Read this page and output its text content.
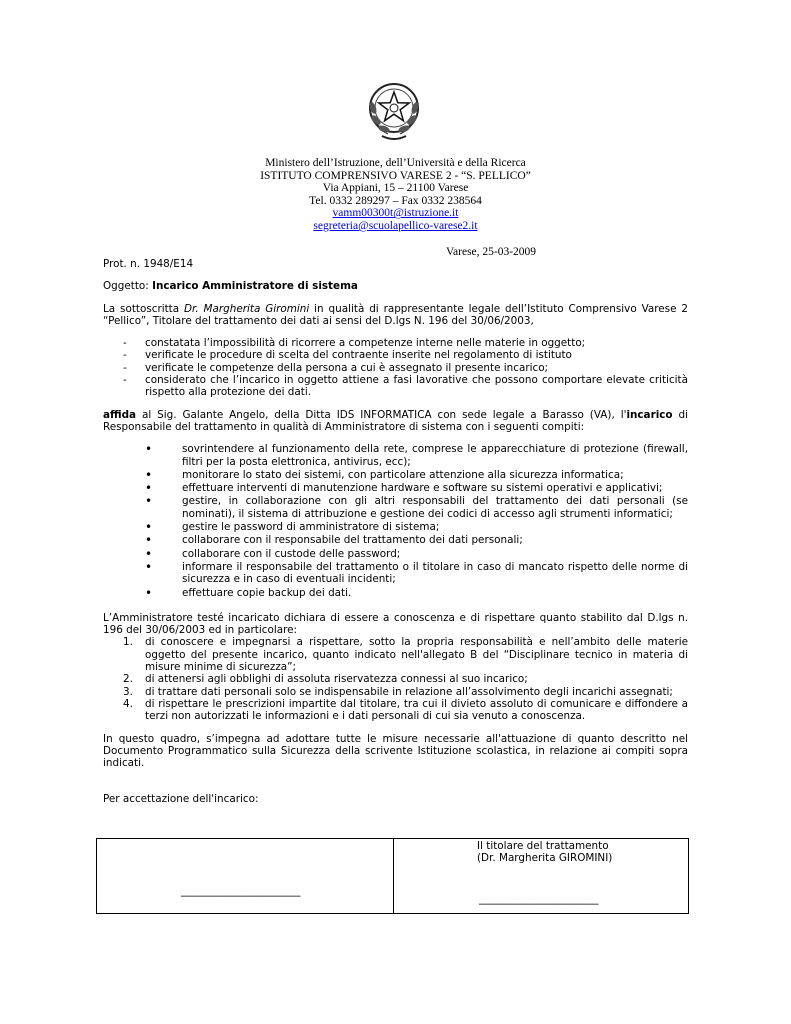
Ministero dell’Istruzione, dell’Università e della Ricerca
ISTITUTO COMPRENSIVO VARESE 2 - “S. PELLICO”
Via Appiani, 15 – 21100 Varese
Tel. 0332 289297 – Fax 0332 238564
vamm00300t@istruzione.it
segreteria@scuolapellico-varese2.it
Varese, 25-03-2009

Prot. n. 1948/E14

Oggetto: Incarico Amministratore di sistema

La sottoscritta Dr. Margherita Giromini in qualità di rappresentante legale dell’Istituto Comprensivo Varese 2 “Pellico”, Titolare del trattamento dei dati ai sensi del D.lgs N. 196 del 30/06/2003,

- constatata l’impossibilità di ricorrere a competenze interne nelle materie in oggetto;
- verificate le procedure di scelta del contraente inserite nel regolamento di istituto
- verificate le competenze della persona a cui è assegnato il presente incarico;
- considerato che l’incarico in oggetto attiene a fasi lavorative che possono comportare elevate criticità rispetto alla protezione dei dati.

affida al Sig. Galante Angelo, della Ditta IDS INFORMATICA con sede legale a Barasso (VA), l'incarico di Responsabile del trattamento in qualità di Amministratore di sistema con i seguenti compiti:

• sovrintendere al funzionamento della rete, comprese le apparecchiature di protezione (firewall, filtri per la posta elettronica, antivirus, ecc);
• monitorare lo stato dei sistemi, con particolare attenzione alla sicurezza informatica;
• effettuare interventi di manutenzione hardware e software su sistemi operativi e applicativi;
• gestire, in collaborazione con gli altri responsabili del trattamento dei dati personali (se nominati), il sistema di attribuzione e gestione dei codici di accesso agli strumenti informatici;
• gestire le password di amministratore di sistema;
• collaborare con il responsabile del trattamento dei dati personali;
• collaborare con il custode delle password;
• informare il responsabile del trattamento o il titolare in caso di mancato rispetto delle norme di sicurezza e in caso di eventuali incidenti;
• effettuare copie backup dei dati.

L’Amministratore testé incaricato dichiara di essere a conoscenza e di rispettare quanto stabilito dal D.lgs n. 196 del 30/06/2003 ed in particolare:

1. di conoscere e impegnarsi a rispettare, sotto la propria responsabilità e nell’ambito delle materie oggetto del presente incarico, quanto indicato nell'allegato B del “Disciplinare tecnico in materia di misure minime di sicurezza”;
2. di attenersi agli obblighi di assoluta riservatezza connessi al suo incarico;
3. di trattare dati personali solo se indispensabile in relazione all’assolvimento degli incarichi assegnati;
4. di rispettare le prescrizioni impartite dal titolare, tra cui il divieto assoluto di comunicare e diffondere a terzi non autorizzati le informazioni e i dati personali di cui sia venuto a conoscenza.

In questo quadro, s’impegna ad adottare tutte le misure necessarie all'attuazione di quanto descritto nel Documento Programmatico sulla Sicurezza della scrivente Istituzione scolastica, in relazione ai compiti sopra indicati.

Per accettazione dell'incarico:

_______________________
Il titolare del trattamento
(Dr. Margherita GIROMINI)
_______________________
